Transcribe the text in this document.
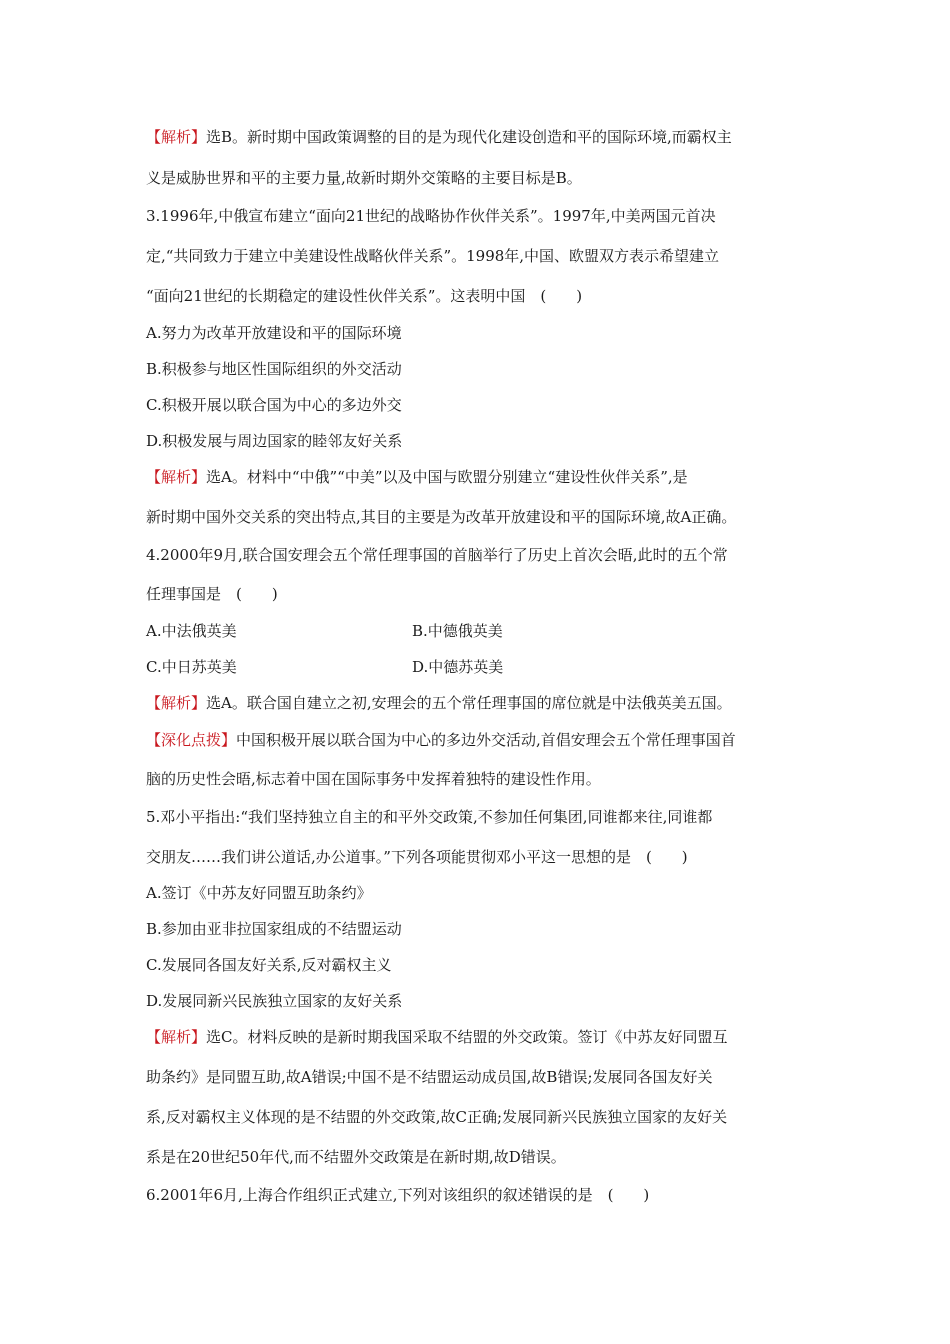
【解析】选B。新时期中国政策调整的目的是为现代化建设创造和平的国际环境,而霸权主
义是威胁世界和平的主要力量,故新时期外交策略的主要目标是B。
3.1996年,中俄宣布建立“面向21世纪的战略协作伙伴关系”。1997年,中美两国元首决
定,“共同致力于建立中美建设性战略伙伴关系”。1998年,中国、欧盟双方表示希望建立
“面向21世纪的长期稳定的建设性伙伴关系”。这表明中国　(　　)
A.努力为改革开放建设和平的国际环境
B.积极参与地区性国际组织的外交活动
C.积极开展以联合国为中心的多边外交
D.积极发展与周边国家的睦邻友好关系
【解析】选A。材料中“中俄”“中美”以及中国与欧盟分别建立“建设性伙伴关系”,是
新时期中国外交关系的突出特点,其目的主要是为改革开放建设和平的国际环境,故A正确。
4.2000年9月,联合国安理会五个常任理事国的首脑举行了历史上首次会晤,此时的五个常
任理事国是　(　　)
A.中法俄英美	B.中德俄英美
C.中日苏英美	D.中德苏英美
【解析】选A。联合国自建立之初,安理会的五个常任理事国的席位就是中法俄英美五国。
【深化点拨】中国积极开展以联合国为中心的多边外交活动,首倡安理会五个常任理事国首
脑的历史性会晤,标志着中国在国际事务中发挥着独特的建设性作用。
5.邓小平指出:“我们坚持独立自主的和平外交政策,不参加任何集团,同谁都来往,同谁都
交朋友……我们讲公道话,办公道事。”下列各项能贯彻邓小平这一思想的是　(　　)
A.签订《中苏友好同盟互助条约》
B.参加由亚非拉国家组成的不结盟运动
C.发展同各国友好关系,反对霸权主义
D.发展同新兴民族独立国家的友好关系
【解析】选C。材料反映的是新时期我国采取不结盟的外交政策。签订《中苏友好同盟互
助条约》是同盟互助,故A错误;中国不是不结盟运动成员国,故B错误;发展同各国友好关
系,反对霸权主义体现的是不结盟的外交政策,故C正确;发展同新兴民族独立国家的友好关
系是在20世纪50年代,而不结盟外交政策是在新时期,故D错误。
6.2001年6月,上海合作组织正式建立,下列对该组织的叙述错误的是　(　　)
